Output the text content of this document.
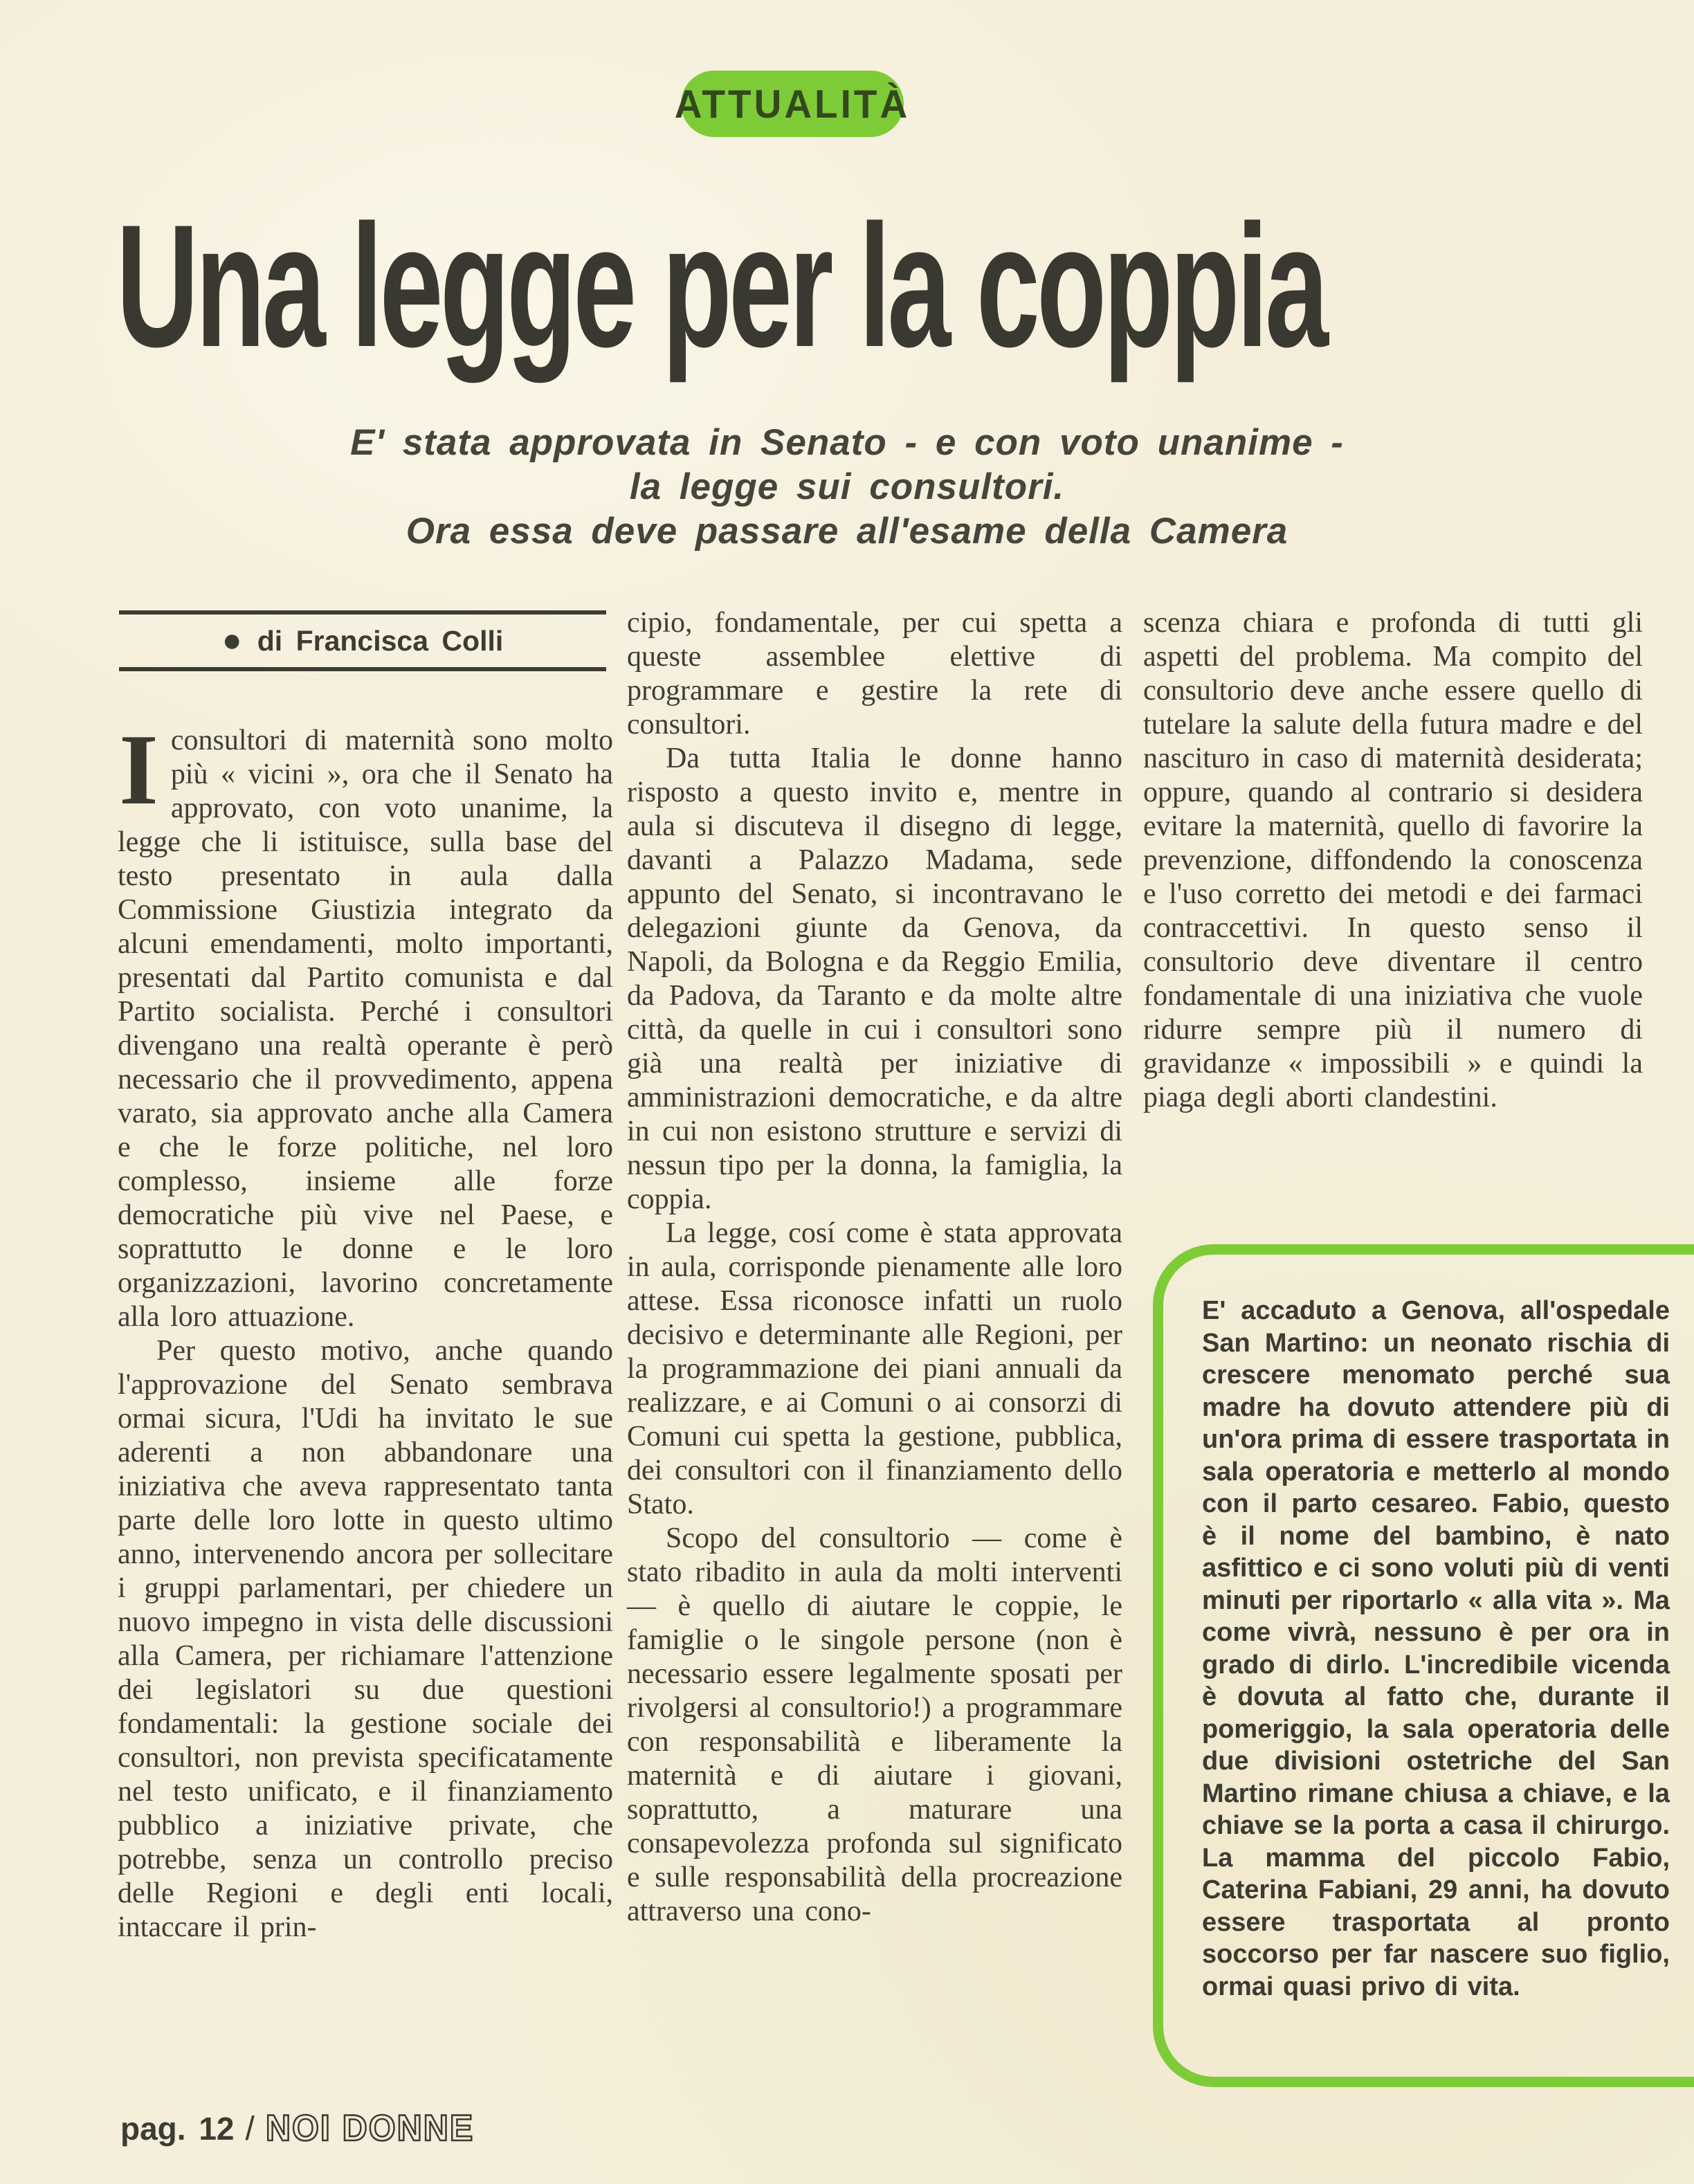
ATTUALITÀ
Una legge per la coppia
E' stata approvata in Senato - e con voto unanime -
la legge sui consultori.
Ora essa deve passare all'esame della Camera
● di Francisca Colli

Iconsultori di maternità sono molto più « vicini », ora che il Senato ha approvato, con voto unanime, la legge che li istituisce, sulla base del testo presentato in aula dalla Commissione Giustizia integrato da alcuni emendamenti, molto importanti, presentati dal Partito comunista e dal Partito socialista. Perché i consultori divengano una realtà operante è però necessario che il provvedimento, appena varato, sia approvato anche alla Camera e che le forze politiche, nel loro complesso, insieme alle forze democratiche più vive nel Paese, e soprattutto le donne e le loro organizzazioni, lavorino concretamente alla loro attuazione.

Per questo motivo, anche quando l'approvazione del Senato sembrava ormai sicura, l'Udi ha invitato le sue aderenti a non abbandonare una iniziativa che aveva rappresentato tanta parte delle loro lotte in questo ultimo anno, intervenendo ancora per sollecitare i gruppi parlamentari, per chiedere un nuovo impegno in vista delle discussioni alla Camera, per richiamare l'attenzione dei legislatori su due questioni fondamentali: la gestione sociale dei consultori, non prevista specificatamente nel testo unificato, e il finanziamento pubblico a iniziative private, che potrebbe, senza un controllo preciso delle Regioni e degli enti locali, intaccare il prin-

cipio, fondamentale, per cui spetta a queste assemblee elettive di programmare e gestire la rete di consultori.

Da tutta Italia le donne hanno risposto a questo invito e, mentre in aula si discuteva il disegno di legge, davanti a Palazzo Madama, sede appunto del Senato, si incontravano le delegazioni giunte da Genova, da Napoli, da Bologna e da Reggio Emilia, da Padova, da Taranto e da molte altre città, da quelle in cui i consultori sono già una realtà per iniziative di amministrazioni democratiche, e da altre in cui non esistono strutture e servizi di nessun tipo per la donna, la famiglia, la coppia.

La legge, cosí come è stata approvata in aula, corrisponde pienamente alle loro attese. Essa riconosce infatti un ruolo decisivo e determinante alle Regioni, per la programmazione dei piani annuali da realizzare, e ai Comuni o ai consorzi di Comuni cui spetta la gestione, pubblica, dei consultori con il finanziamento dello Stato.

Scopo del consultorio — come è stato ribadito in aula da molti interventi — è quello di aiutare le coppie, le famiglie o le singole persone (non è necessario essere legalmente sposati per rivolgersi al consultorio!) a programmare con responsabilità e liberamente la maternità e di aiutare i giovani, soprattutto, a maturare una consapevolezza profonda sul significato e sulle responsabilità della procreazione attraverso una cono-

scenza chiara e profonda di tutti gli aspetti del problema. Ma compito del consultorio deve anche essere quello di tutelare la salute della futura madre e del nascituro in caso di maternità desiderata; oppure, quando al contrario si desidera evitare la maternità, quello di favorire la prevenzione, diffondendo la conoscenza e l'uso corretto dei metodi e dei farmaci contraccettivi. In questo senso il consultorio deve diventare il centro fondamentale di una iniziativa che vuole ridurre sempre più il numero di gravidanze « impossibili » e quindi la piaga degli aborti clandestini.

E' accaduto a Genova, all'ospedale San Martino: un neonato rischia di crescere menomato perché sua madre ha dovuto attendere più di un'ora prima di essere trasportata in sala operatoria e metterlo al mondo con il parto cesareo. Fabio, questo è il nome del bambino, è nato asfittico e ci sono voluti più di venti minuti per riportarlo « alla vita ». Ma come vivrà, nessuno è per ora in grado di dirlo. L'incredibile vicenda è dovuta al fatto che, durante il pomeriggio, la sala operatoria delle due divisioni ostetriche del San Martino rimane chiusa a chiave, e la chiave se la porta a casa il chirurgo. La mamma del piccolo Fabio, Caterina Fabiani, 29 anni, ha dovuto essere trasportata al pronto soccorso per far nascere suo figlio, ormai quasi privo di vita.

pag. 12 / NOI DONNE
